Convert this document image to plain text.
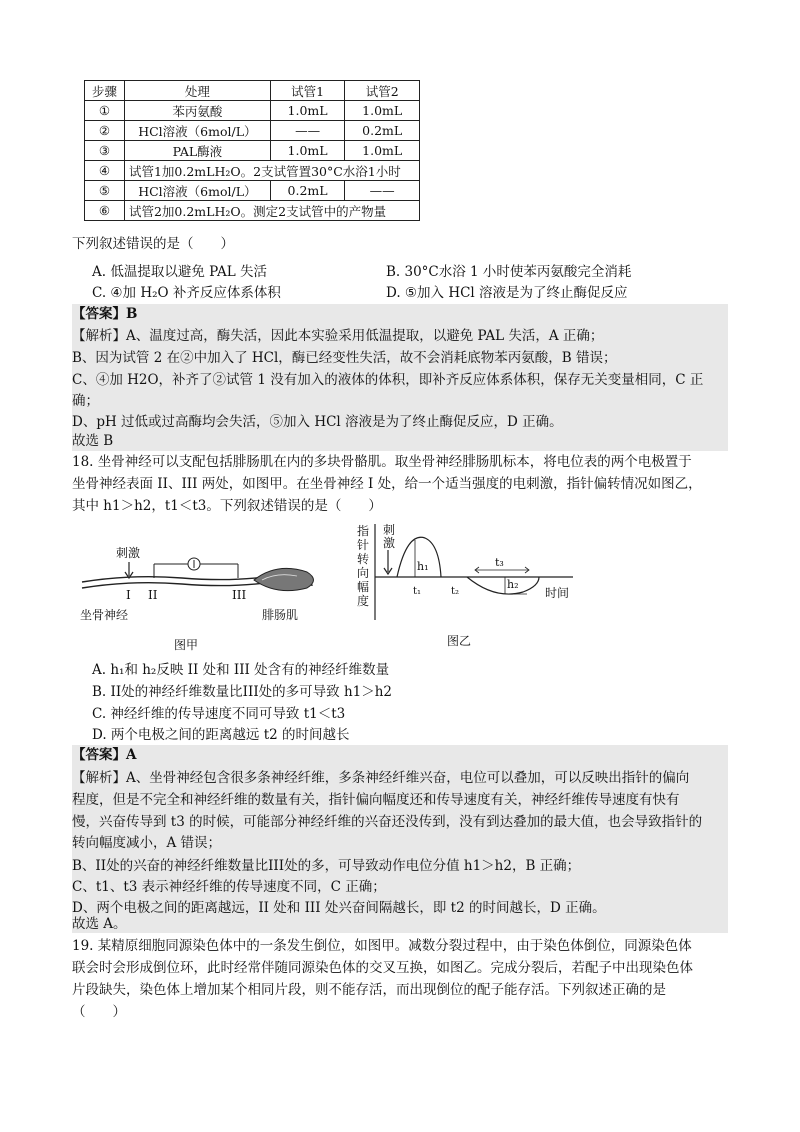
步骤	处理	试管1	试管2
①	苯丙氨酸	1.0mL	1.0mL
②	HCl溶液（6mol/L）	——	0.2mL
③	PAL酶液	1.0mL	1.0mL
④	试管1加0.2mLH₂O。2支试管置30°C水浴1小时		
⑤	HCl溶液（6mol/L）	0.2mL	——
⑥	试管2加0.2mLH₂O。测定2支试管中的产物量		
下列叙述错误的是（　　）
A. 低温提取以避免 PAL 失活	B. 30°C水浴 1 小时使苯丙氨酸完全消耗
C. ④加 H₂O 补齐反应体系体积	D. ⑤加入 HCl 溶液是为了终止酶促反应
【答案】B
【解析】A、温度过高，酶失活，因此本实验采用低温提取，以避免 PAL 失活，A 正确；
B、因为试管 2 在②中加入了 HCl，酶已经变性失活，故不会消耗底物苯丙氨酸，B 错误；
C、④加 H2O，补齐了②试管 1 没有加入的液体的体积，即补齐反应体系体积，保存无关变量相同，C 正
确；
D、pH 过低或过高酶均会失活，⑤加入 HCl 溶液是为了终止酶促反应，D 正确。
故选 B
18. 坐骨神经可以支配包括腓肠肌在内的多块骨骼肌。取坐骨神经腓肠肌标本，将电位表的两个电极置于
坐骨神经表面 II、III 两处，如图甲。在坐骨神经 I 处，给一个适当强度的电刺激，指针偏转情况如图乙，
其中 h1＞h2，t1＜t3。下列叙述错误的是（　　）
刺激
I II	III
坐骨神经	腓肠肌
图甲
指针转向幅度
刺激
h₁
h₂
t₁	t₂
t₃
时间
图乙
A. h₁和 h₂反映 II 处和 III 处含有的神经纤维数量
B. II处的神经纤维数量比III处的多可导致 h1＞h2
C. 神经纤维的传导速度不同可导致 t1＜t3
D. 两个电极之间的距离越远 t2 的时间越长
【答案】A
【解析】A、坐骨神经包含很多条神经纤维，多条神经纤维兴奋，电位可以叠加，可以反映出指针的偏向
程度，但是不完全和神经纤维的数量有关，指针偏向幅度还和传导速度有关，神经纤维传导速度有快有
慢，兴奋传导到 t3 的时候，可能部分神经纤维的兴奋还没传到，没有到达叠加的最大值，也会导致指针的
转向幅度减小，A 错误；
B、II处的兴奋的神经纤维数量比III处的多，可导致动作电位分值 h1＞h2，B 正确；
C、t1、t3 表示神经纤维的传导速度不同，C 正确；
D、两个电极之间的距离越远，II 处和 III 处兴奋间隔越长，即 t2 的时间越长，D 正确。
故选 A。
19. 某精原细胞同源染色体中的一条发生倒位，如图甲。减数分裂过程中，由于染色体倒位，同源染色体
联会时会形成倒位环，此时经常伴随同源染色体的交叉互换，如图乙。完成分裂后，若配子中出现染色体
片段缺失，染色体上增加某个相同片段，则不能存活，而出现倒位的配子能存活。下列叙述正确的是
（　　）
